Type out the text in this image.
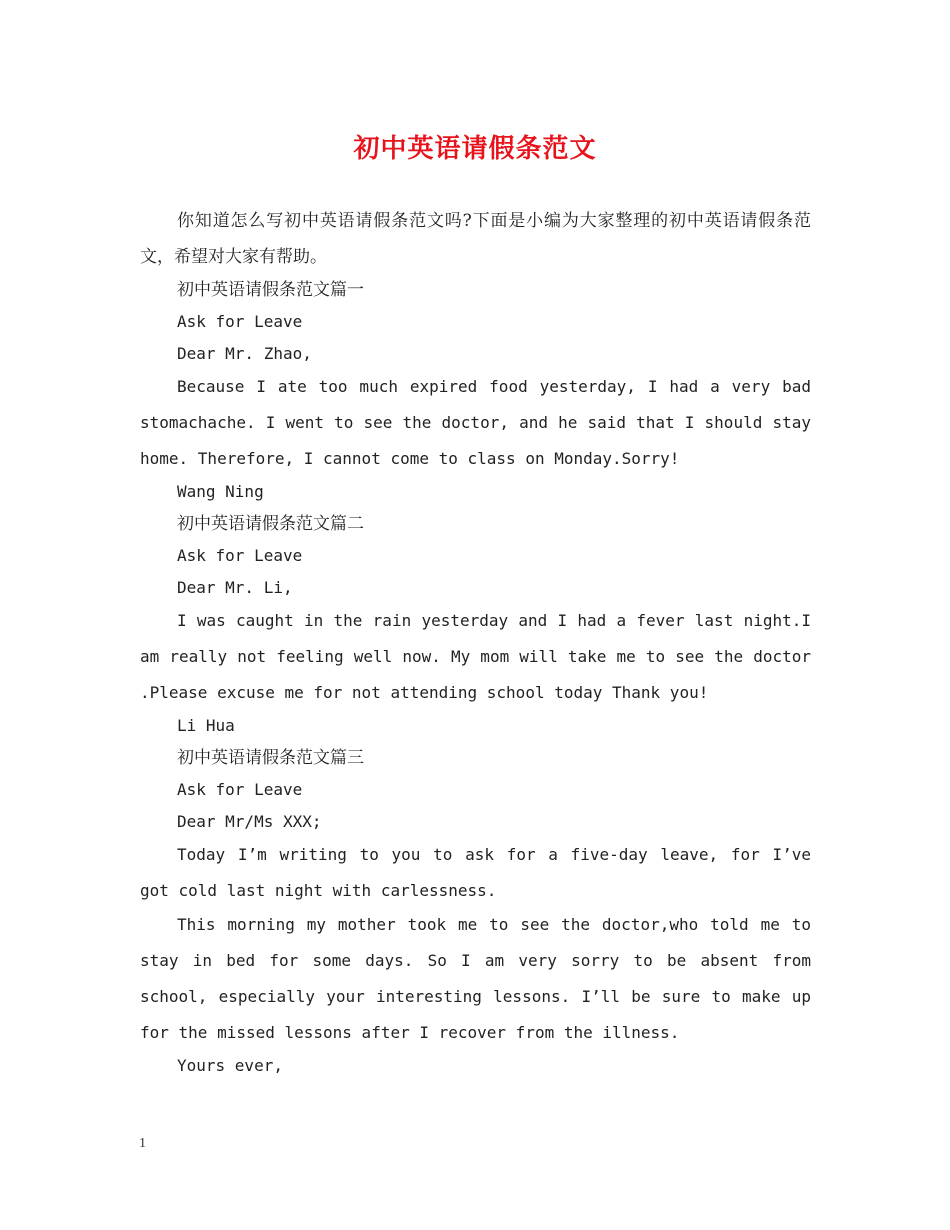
初中英语请假条范文

你知道怎么写初中英语请假条范文吗?下面是小编为大家整理的初中英语请假条范文，希望对大家有帮助。

初中英语请假条范文篇一

Ask for Leave

Dear Mr. Zhao,

Because I ate too much expired food yesterday, I had a very bad stomachache. I went to see the doctor, and he said that I should stay home. Therefore, I cannot come to class on Monday.Sorry!

Wang Ning

初中英语请假条范文篇二

Ask for Leave

Dear Mr. Li,

I was caught in the rain yesterday and I had a fever last night.I am really not feeling well now. My mom will take me to see the doctor .Please excuse me for not attending school today Thank you!

Li Hua

初中英语请假条范文篇三

Ask for Leave

Dear Mr/Ms XXX;

Today I’m writing to you to ask for a five-day leave, for I’ve got cold last night with carlessness.

This morning my mother took me to see the doctor,who told me to stay in bed for some days. So I am very sorry to be absent from school, especially your interesting lessons. I’ll be sure to make up for the missed lessons after I recover from the illness.

Yours ever,

1
